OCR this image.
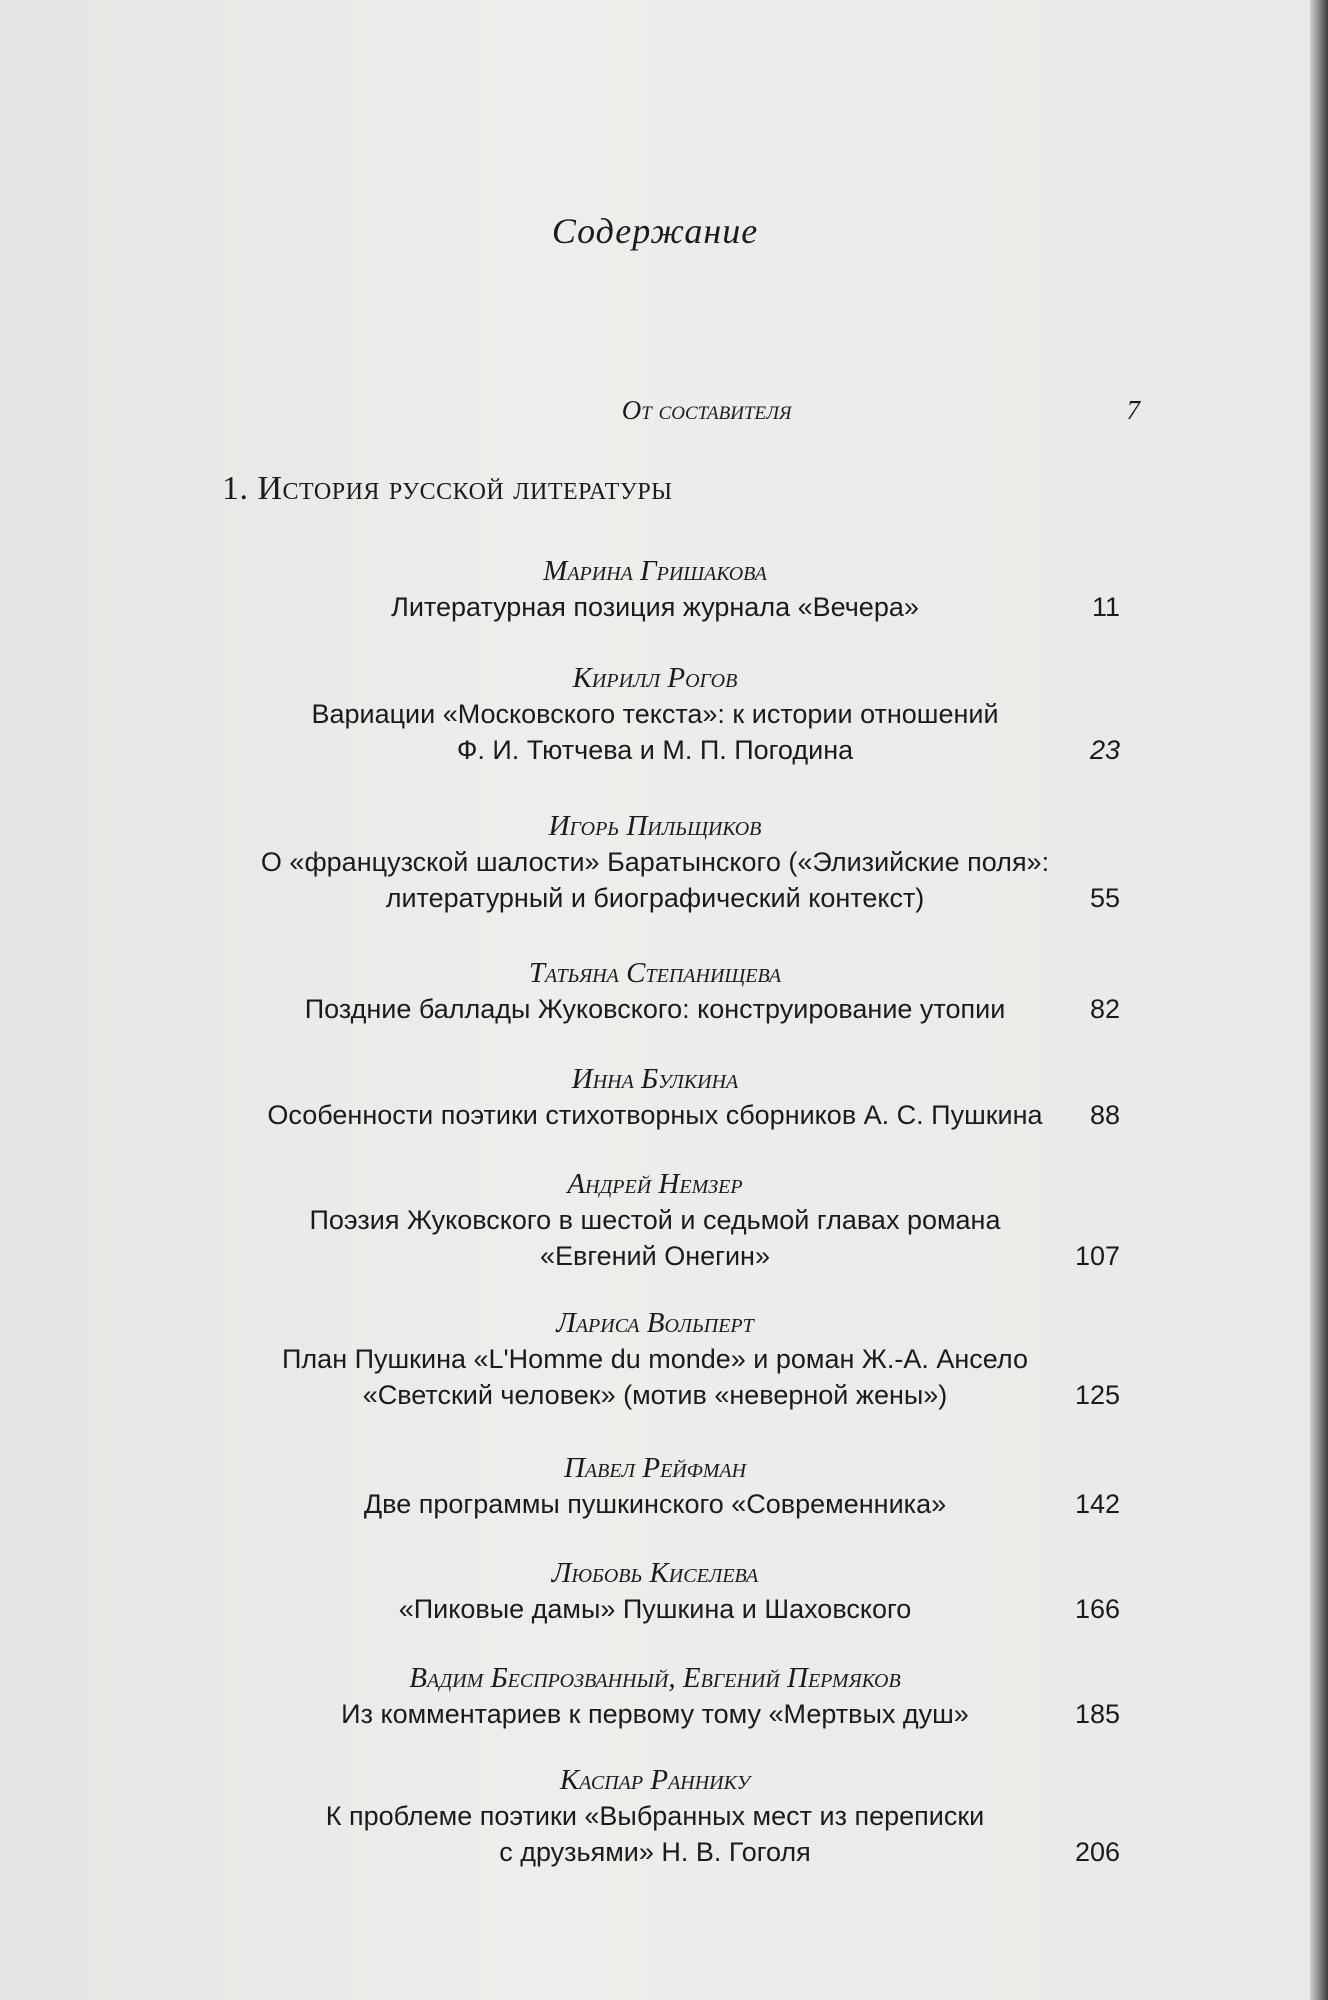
Содержание
От составителя	7
1. История русской литературы
Марина Гришакова
Литературная позиция журнала «Вечера»	11
Кирилл Рогов
Вариации «Московского текста»: к истории отношений
Ф. И. Тютчева и М. П. Погодина	23
Игорь Пильщиков
О «французской шалости» Баратынского («Элизийские поля»:
литературный и биографический контекст)	55
Татьяна Степанищева
Поздние баллады Жуковского: конструирование утопии	82
Инна Булкина
Особенности поэтики стихотворных сборников А. С. Пушкина	88
Андрей Немзер
Поэзия Жуковского в шестой и седьмой главах романа
«Евгений Онегин»	107
Лариса Вольперт
План Пушкина «L'Homme du monde» и роман Ж.-А. Ансело
«Светский человек» (мотив «неверной жены»)	125
Павел Рейфман
Две программы пушкинского «Современника»	142
Любовь Киселева
«Пиковые дамы» Пушкина и Шаховского	166
Вадим Беспрозванный, Евгений Пермяков
Из комментариев к первому тому «Мертвых душ»	185
Каспар Раннику
К проблеме поэтики «Выбранных мест из переписки
с друзьями» Н. В. Гоголя	206
